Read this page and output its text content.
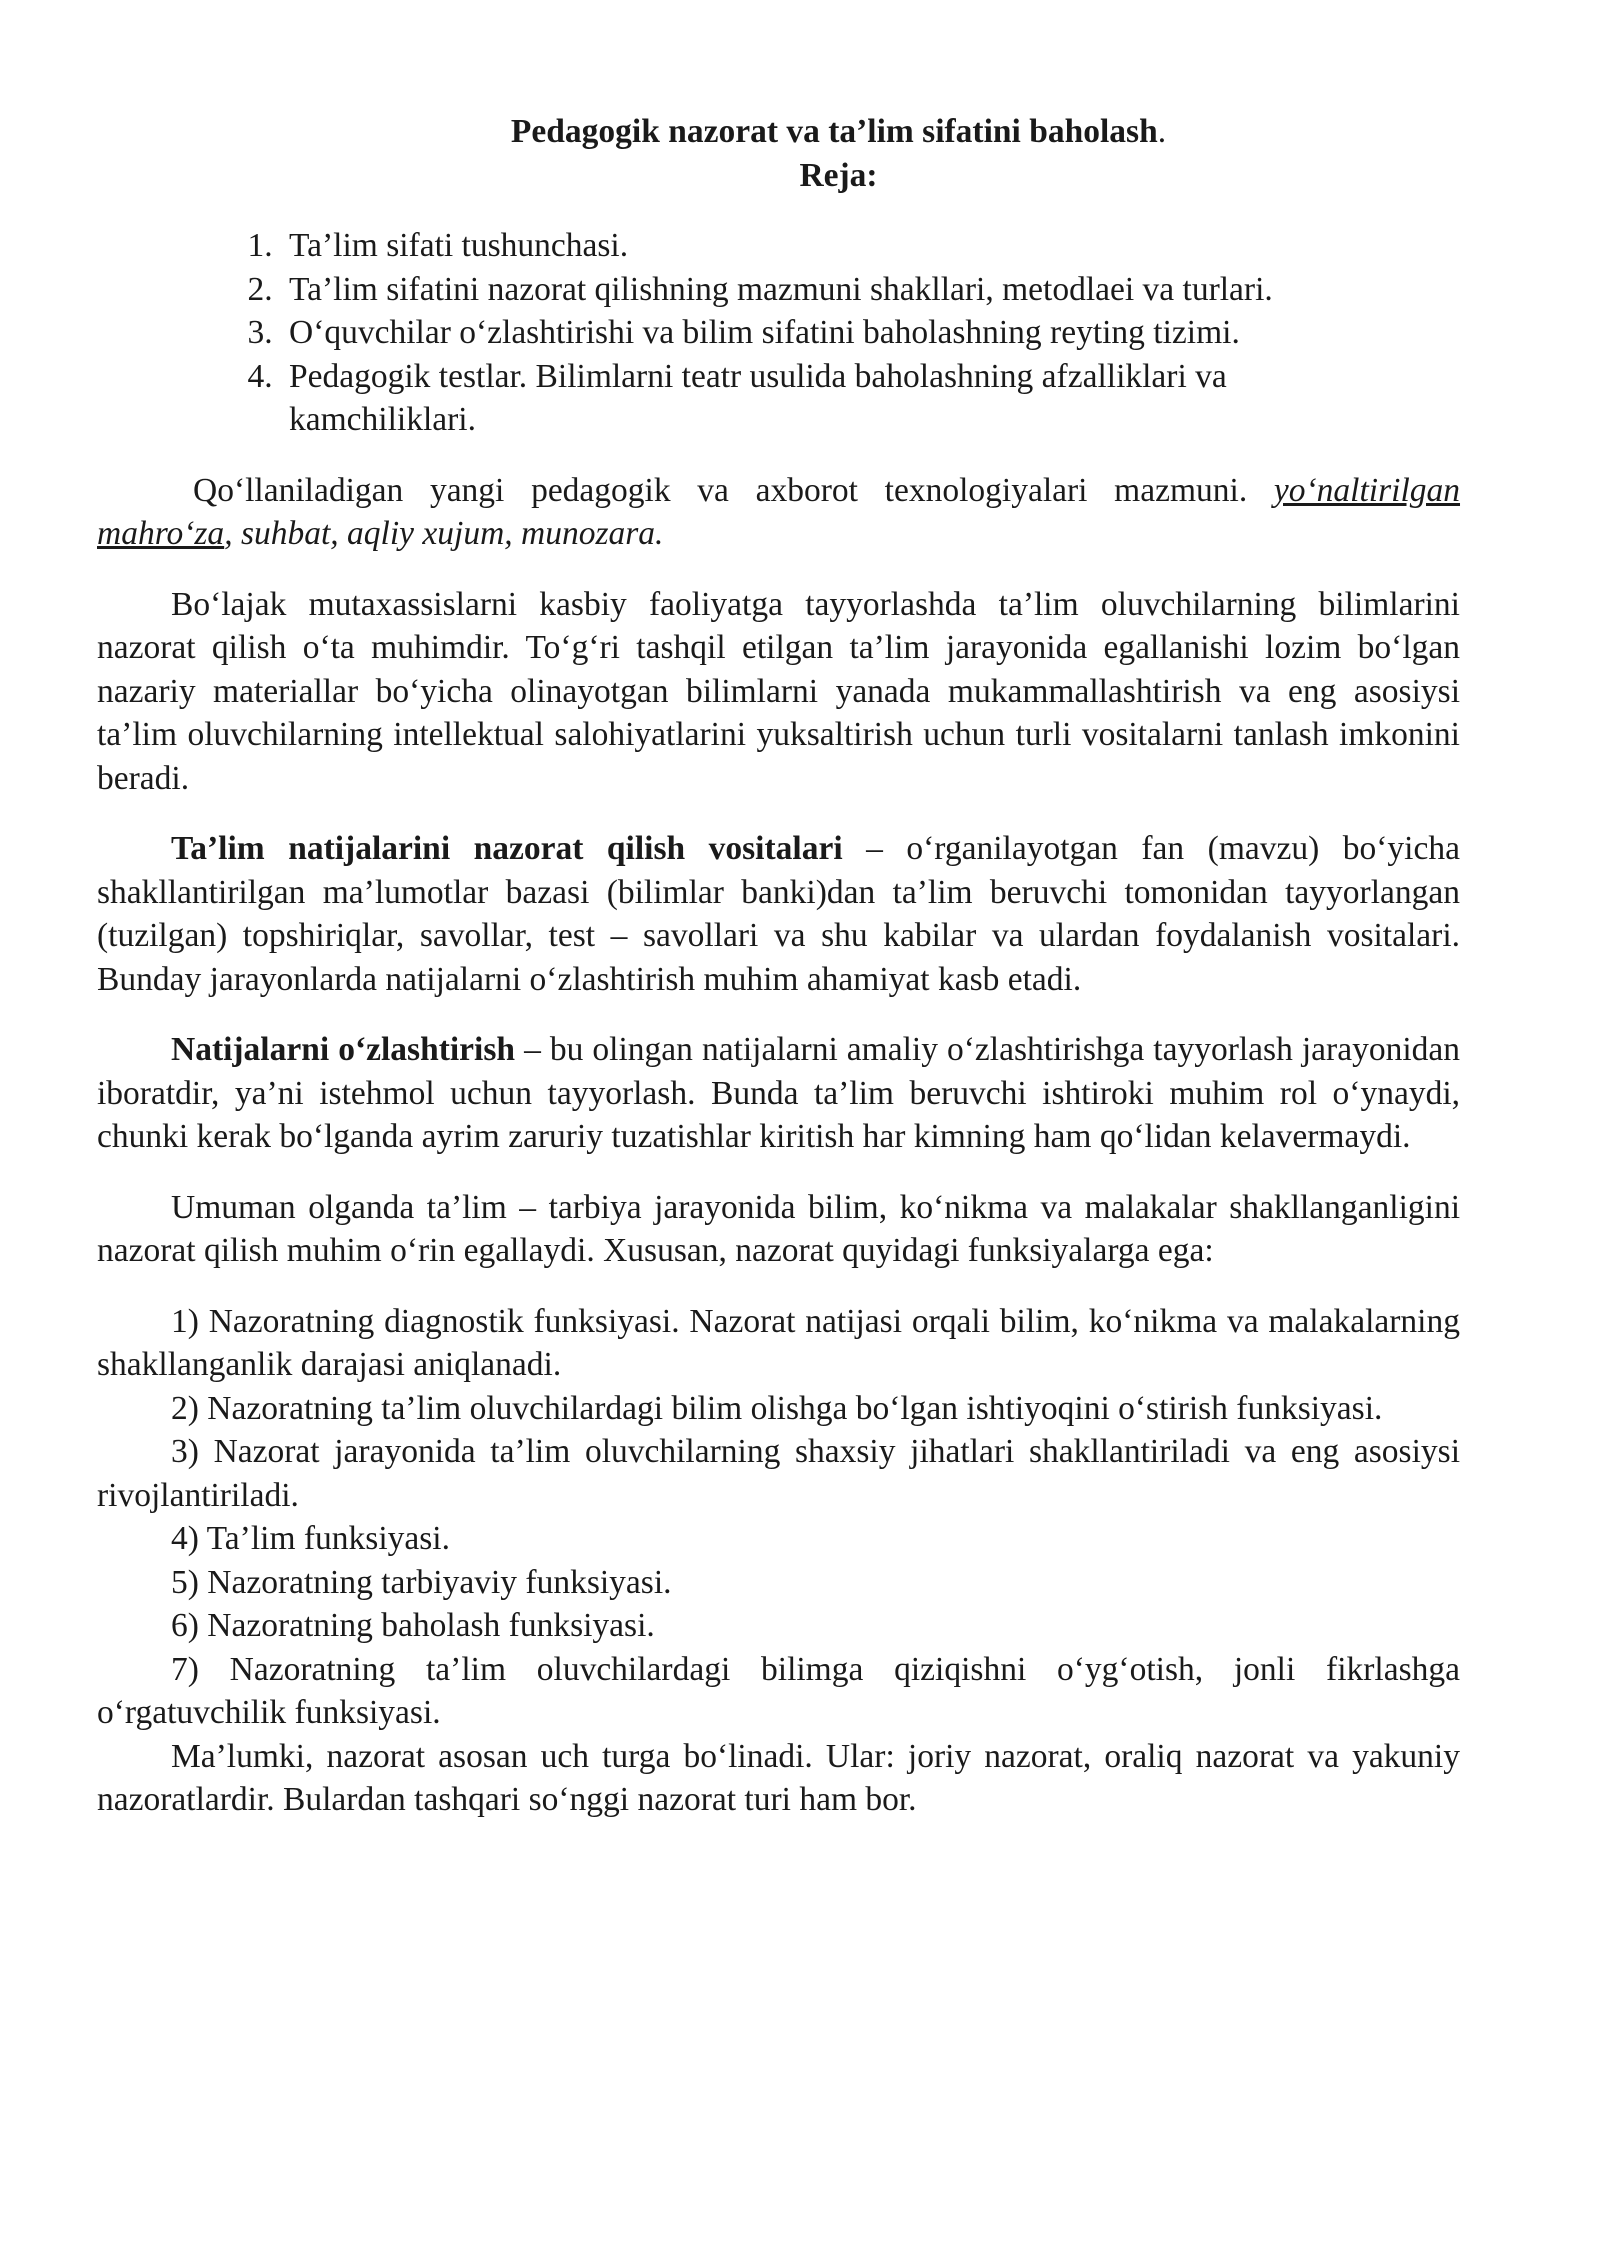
Pedagogik nazorat va ta’lim sifatini baholash.
Reja:
1. Ta’lim sifati tushunchasi.
2. Ta’lim sifatini nazorat qilishning mazmuni shakllari, metodlaei va turlari.
3. O‘quvchilar o‘zlashtirishi va bilim sifatini baholashning reyting tizimi.
4. Pedagogik testlar. Bilimlarni teatr usulida baholashning afzalliklari va kamchiliklari.

Qo‘llaniladigan yangi pedagogik va axborot texnologiyalari mazmuni. yo‘naltirilgan mahro‘za, suhbat, aqliy xujum, munozara.

Bo‘lajak mutaxassislarni kasbiy faoliyatga tayyorlashda ta’lim oluvchilarning bilimlarini nazorat qilish o‘ta muhimdir. To‘g‘ri tashqil etilgan ta’lim jarayonida egallanishi lozim bo‘lgan nazariy materiallar bo‘yicha olinayotgan bilimlarni yanada mukammallashtirish va eng asosiysi ta’lim oluvchilarning intellektual salohiyatlarini yuksaltirish uchun turli vositalarni tanlash imkonini beradi.

Ta’lim natijalarini nazorat qilish vositalari – o‘rganilayotgan fan (mavzu) bo‘yicha shakllantirilgan ma’lumotlar bazasi (bilimlar banki)dan ta’lim beruvchi tomonidan tayyorlangan (tuzilgan) topshiriqlar, savollar, test – savollari va shu kabilar va ulardan foydalanish vositalari. Bunday jarayonlarda natijalarni o‘zlashtirish muhim ahamiyat kasb etadi.

Natijalarni o‘zlashtirish – bu olingan natijalarni amaliy o‘zlashtirishga tayyorlash jarayonidan iboratdir, ya’ni istehmol uchun tayyorlash. Bunda ta’lim beruvchi ishtiroki muhim rol o‘ynaydi, chunki kerak bo‘lganda ayrim zaruriy tuzatishlar kiritish har kimning ham qo‘lidan kelavermaydi.

Umuman olganda ta’lim – tarbiya jarayonida bilim, ko‘nikma va malakalar shakllanganligini nazorat qilish muhim o‘rin egallaydi. Xususan, nazorat quyidagi funksiyalarga ega:

1) Nazoratning diagnostik funksiyasi. Nazorat natijasi orqali bilim, ko‘nikma va malakalarning shakllanganlik darajasi aniqlanadi.

2) Nazoratning ta’lim oluvchilardagi bilim olishga bo‘lgan ishtiyoqini o‘stirish funksiyasi.

3) Nazorat jarayonida ta’lim oluvchilarning shaxsiy jihatlari shakllantiriladi va eng asosiysi rivojlantiriladi.

4) Ta’lim funksiyasi.

5) Nazoratning tarbiyaviy funksiyasi.

6) Nazoratning baholash funksiyasi.

7) Nazoratning ta’lim oluvchilardagi bilimga qiziqishni o‘yg‘otish, jonli fikrlashga o‘rgatuvchilik funksiyasi.

Ma’lumki, nazorat asosan uch turga bo‘linadi. Ular: joriy nazorat, oraliq nazorat va yakuniy nazoratlardir. Bulardan tashqari so‘nggi nazorat turi ham bor.
